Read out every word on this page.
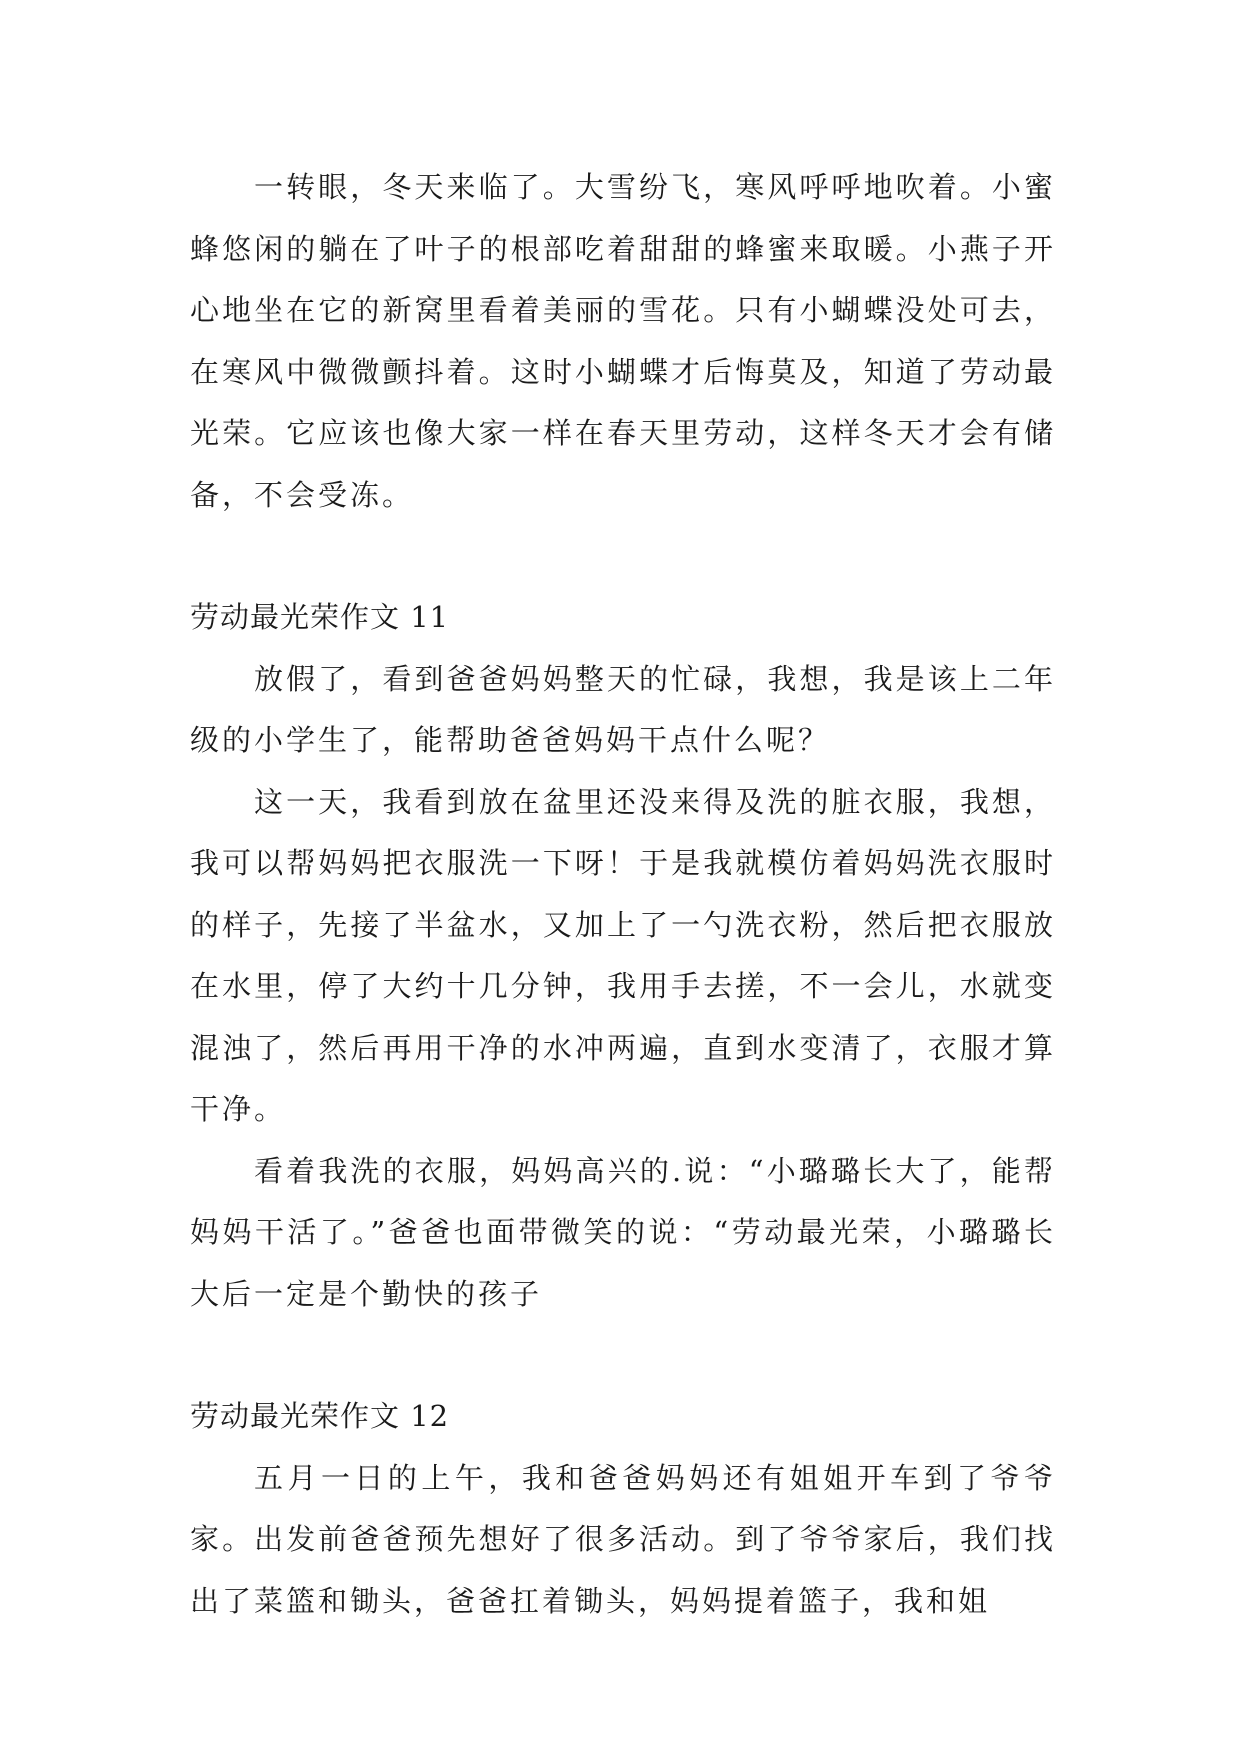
一转眼，冬天来临了。大雪纷飞，寒风呼呼地吹着。小蜜蜂悠闲的躺在了叶子的根部吃着甜甜的蜂蜜来取暖。小燕子开心地坐在它的新窝里看着美丽的雪花。只有小蝴蝶没处可去，在寒风中微微颤抖着。这时小蝴蝶才后悔莫及，知道了劳动最光荣。它应该也像大家一样在春天里劳动，这样冬天才会有储备，不会受冻。

劳动最光荣作文 11

放假了，看到爸爸妈妈整天的忙碌，我想，我是该上二年级的小学生了，能帮助爸爸妈妈干点什么呢？

这一天，我看到放在盆里还没来得及洗的脏衣服，我想，我可以帮妈妈把衣服洗一下呀！于是我就模仿着妈妈洗衣服时的样子，先接了半盆水，又加上了一勺洗衣粉，然后把衣服放在水里，停了大约十几分钟，我用手去搓，不一会儿，水就变混浊了，然后再用干净的水冲两遍，直到水变清了，衣服才算干净。

看着我洗的衣服，妈妈高兴的.说：“小璐璐长大了，能帮妈妈干活了。”爸爸也面带微笑的说：“劳动最光荣，小璐璐长大后一定是个勤快的孩子

劳动最光荣作文 12

五月一日的上午，我和爸爸妈妈还有姐姐开车到了爷爷家。出发前爸爸预先想好了很多活动。到了爷爷家后，我们找出了菜篮和锄头，爸爸扛着锄头，妈妈提着篮子，我和姐
